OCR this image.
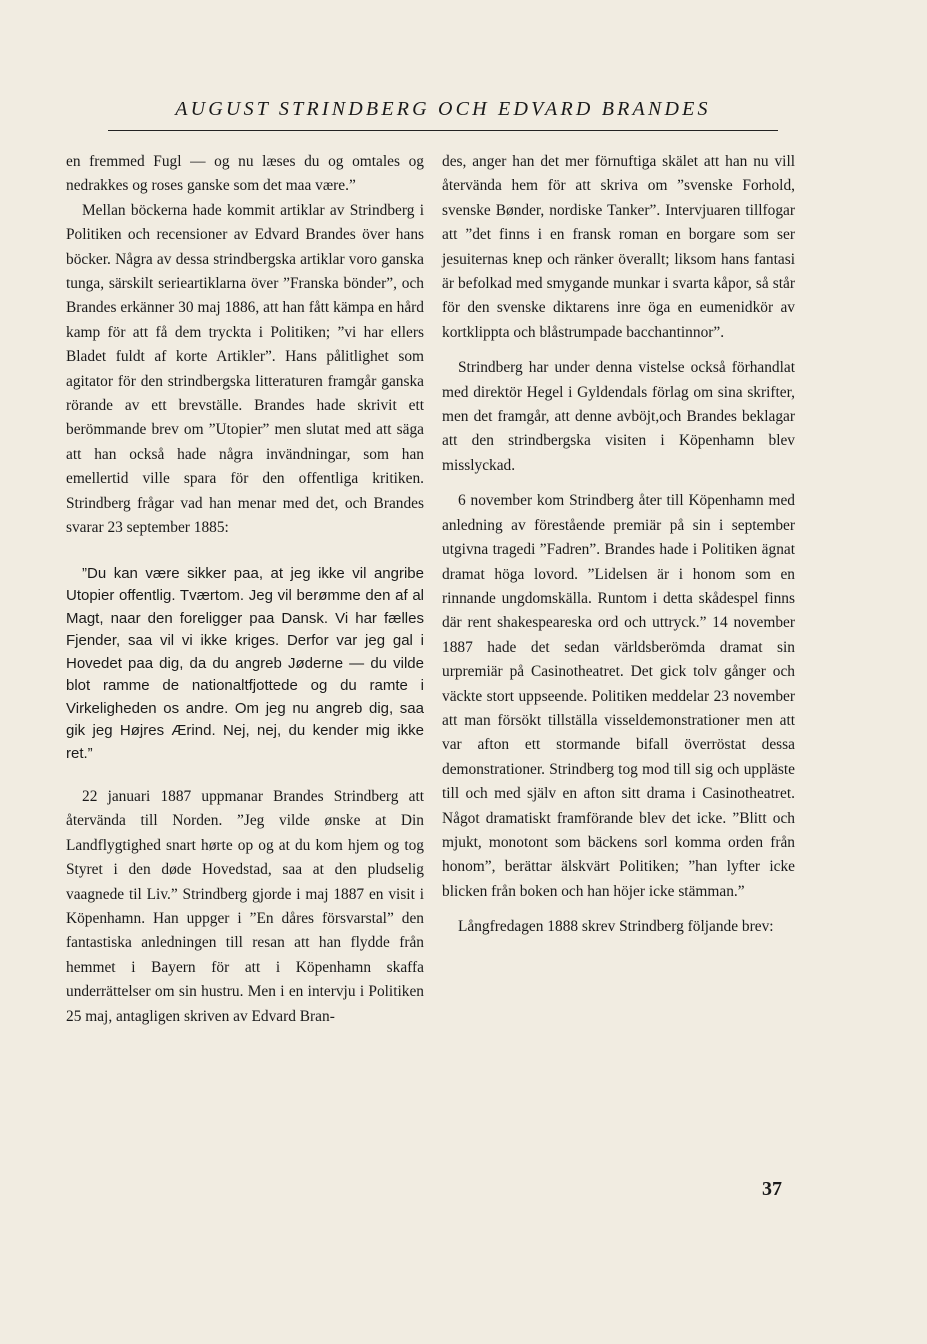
AUGUST STRINDBERG OCH EDVARD BRANDES

en fremmed Fugl — og nu læses du og omtales og nedrakkes og roses ganske som det maa være.”

Mellan böckerna hade kommit artiklar av Strindberg i Politiken och recensioner av Edvard Brandes över hans böcker. Några av dessa strindbergska artiklar voro ganska tunga, särskilt serieartiklarna över ”Franska bönder”, och Brandes erkänner 30 maj 1886, att han fått kämpa en hård kamp för att få dem tryckta i Politiken; ”vi har ellers Bladet fuldt af korte Artikler”. Hans pålitlighet som agitator för den strindbergska litteraturen framgår ganska rörande av ett brevställe. Brandes hade skrivit ett berömmande brev om ”Utopier” men slutat med att säga att han också hade några invändningar, som han emellertid ville spara för den offentliga kritiken. Strindberg frågar vad han menar med det, och Brandes svarar 23 september 1885:

”Du kan være sikker paa, at jeg ikke vil angribe Utopier offentlig. Tværtom. Jeg vil berømme den af al Magt, naar den foreligger paa Dansk. Vi har fælles Fjender, saa vil vi ikke kriges. Derfor var jeg gal i Hovedet paa dig, da du angreb Jøderne — du vilde blot ramme de nationaltfjottede og du ramte i Virkeligheden os andre. Om jeg nu angreb dig, saa gik jeg Højres Ærind. Nej, nej, du kender mig ikke ret.”

22 januari 1887 uppmanar Brandes Strindberg att återvända till Norden. ”Jeg vilde ønske at Din Landflygtighed snart hørte op og at du kom hjem og tog Styret i den døde Hovedstad, saa at den pludselig vaagnede til Liv.” Strindberg gjorde i maj 1887 en visit i Köpenhamn. Han uppger i ”En dåres försvarstal” den fantastiska anledningen till resan att han flydde från hemmet i Bayern för att i Köpenhamn skaffa underrättelser om sin hustru. Men i en intervju i Politiken 25 maj, antagligen skriven av Edvard Bran-

des, anger han det mer förnuftiga skälet att han nu vill återvända hem för att skriva om ”svenske Forhold, svenske Bønder, nordiske Tanker”. Intervjuaren tillfogar att ”det finns i en fransk roman en borgare som ser jesuiternas knep och ränker överallt; liksom hans fantasi är befolkad med smygande munkar i svarta kåpor, så står för den svenske diktarens inre öga en eumenidkör av kortklippta och blåstrumpade bacchantinnor”.

Strindberg har under denna vistelse också förhandlat med direktör Hegel i Gyldendals förlag om sina skrifter, men det framgår, att denne avböjt,och Brandes beklagar att den strindbergska visiten i Köpenhamn blev misslyckad.

6 november kom Strindberg åter till Köpenhamn med anledning av förestående premiär på sin i september utgivna tragedi ”Fadren”. Brandes hade i Politiken ägnat dramat höga lovord. ”Lidelsen är i honom som en rinnande ungdomskälla. Runtom i detta skådespel finns där rent shakespeareska ord och uttryck.” 14 november 1887 hade det sedan världsberömda dramat sin urpremiär på Casinotheatret. Det gick tolv gånger och väckte stort uppseende. Politiken meddelar 23 november att man försökt tillställa visseldemonstrationer men att var afton ett stormande bifall överröstat dessa demonstrationer. Strindberg tog mod till sig och uppläste till och med själv en afton sitt drama i Casinotheatret. Något dramatiskt framförande blev det icke. ”Blitt och mjukt, monotont som bäckens sorl komma orden från honom”, berättar älskvärt Politiken; ”han lyfter icke blicken från boken och han höjer icke stämman.”

Långfredagen 1888 skrev Strindberg följande brev:

37
